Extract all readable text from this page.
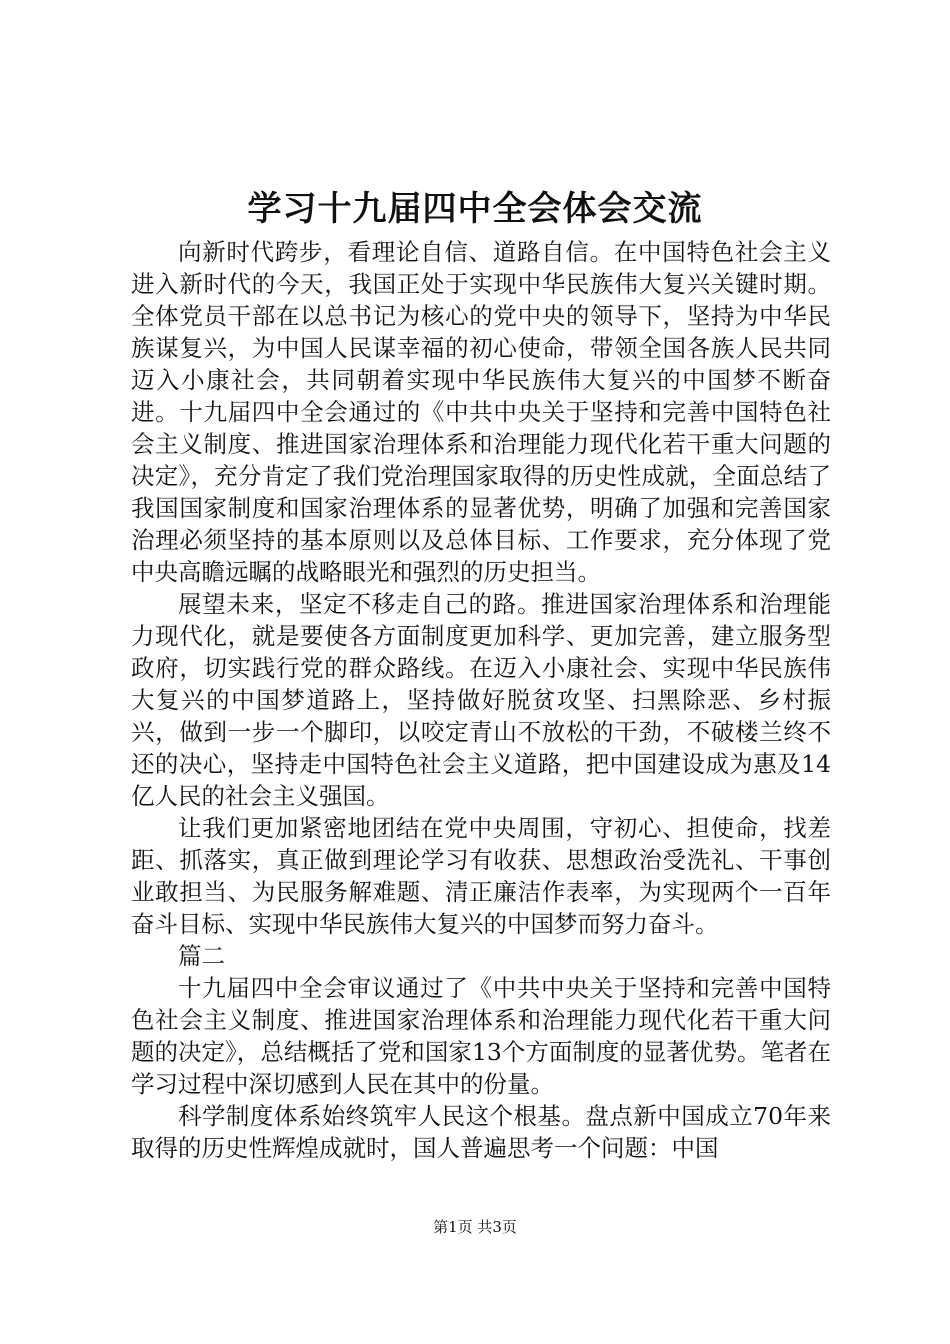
学习十九届四中全会体会交流

向新时代跨步，看理论自信、道路自信。在中国特色社会主义进入新时代的今天，我国正处于实现中华民族伟大复兴关键时期。全体党员干部在以总书记为核心的党中央的领导下，坚持为中华民族谋复兴，为中国人民谋幸福的初心使命，带领全国各族人民共同迈入小康社会，共同朝着实现中华民族伟大复兴的中国梦不断奋进。十九届四中全会通过的《中共中央关于坚持和完善中国特色社会主义制度、推进国家治理体系和治理能力现代化若干重大问题的决定》，充分肯定了我们党治理国家取得的历史性成就，全面总结了我国国家制度和国家治理体系的显著优势，明确了加强和完善国家治理必须坚持的基本原则以及总体目标、工作要求，充分体现了党中央高瞻远瞩的战略眼光和强烈的历史担当。

展望未来，坚定不移走自己的路。推进国家治理体系和治理能力现代化，就是要使各方面制度更加科学、更加完善，建立服务型政府，切实践行党的群众路线。在迈入小康社会、实现中华民族伟大复兴的中国梦道路上，坚持做好脱贫攻坚、扫黑除恶、乡村振兴，做到一步一个脚印，以咬定青山不放松的干劲，不破楼兰终不还的决心，坚持走中国特色社会主义道路，把中国建设成为惠及14亿人民的社会主义强国。

让我们更加紧密地团结在党中央周围，守初心、担使命，找差距、抓落实，真正做到理论学习有收获、思想政治受洗礼、干事创业敢担当、为民服务解难题、清正廉洁作表率，为实现两个一百年奋斗目标、实现中华民族伟大复兴的中国梦而努力奋斗。

篇二

十九届四中全会审议通过了《中共中央关于坚持和完善中国特色社会主义制度、推进国家治理体系和治理能力现代化若干重大问题的决定》，总结概括了党和国家13个方面制度的显著优势。笔者在学习过程中深切感到人民在其中的份量。

科学制度体系始终筑牢人民这个根基。盘点新中国成立70年来取得的历史性辉煌成就时，国人普遍思考一个问题：中国

第1页 共3页
